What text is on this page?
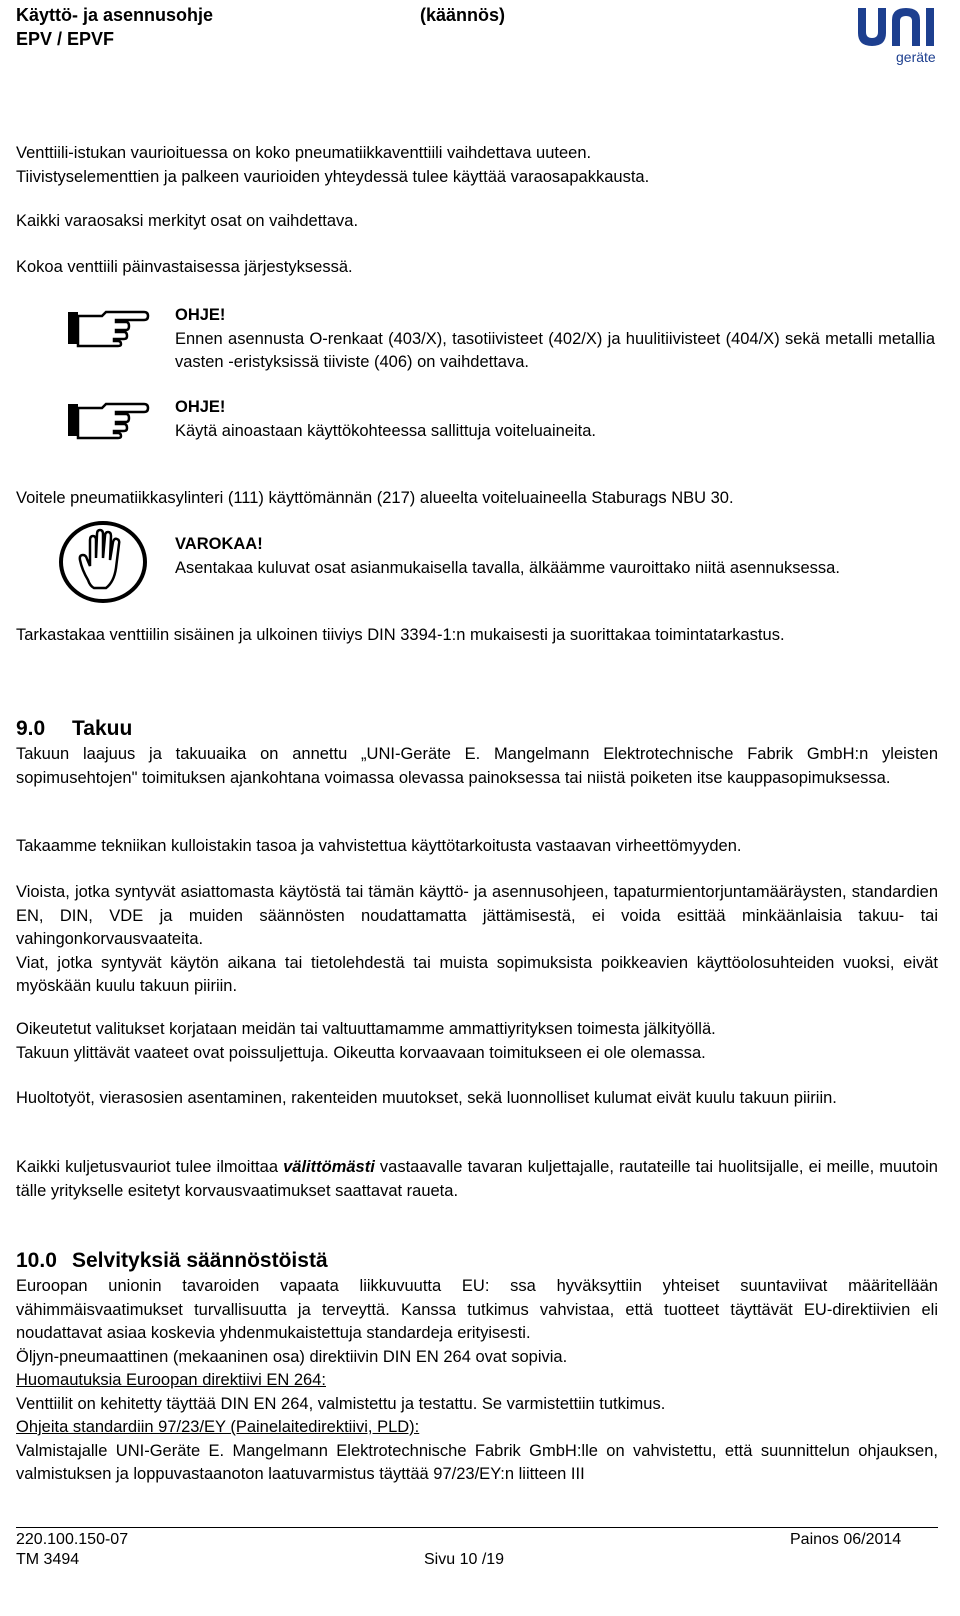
Käyttö- ja asennusohje
EPV / EPVF
(käännös)
geräte
Venttiili-istukan vaurioituessa on koko pneumatiikkaventtiili vaihdettava uuteen.
Tiivistyselementtien ja palkeen vaurioiden yhteydessä tulee käyttää varaosapakkausta.
Kaikki varaosaksi merkityt osat on vaihdettava.
Kokoa venttiili päinvastaisessa järjestyksessä.
OHJE!
Ennen asennusta O-renkaat (403/X), tasotiivisteet (402/X) ja huulitiivisteet (404/X) sekä metalli metallia vasten -eristyksissä tiiviste (406) on vaihdettava.
OHJE!
Käytä ainoastaan käyttökohteessa sallittuja voiteluaineita.
Voitele pneumatiikkasylinteri (111) käyttömännän (217) alueelta voiteluaineella Staburags NBU 30.
VAROKAA!
Asentakaa kuluvat osat asianmukaisella tavalla, älkäämme vauroittako niitä asennuksessa.
Tarkastakaa venttiilin sisäinen ja ulkoinen tiiviys DIN 3394-1:n mukaisesti ja suorittakaa toimintatarkastus.
9.0 Takuu
Takuun laajuus ja takuuaika on annettu „UNI-Geräte E. Mangelmann Elektrotechnische Fabrik GmbH:n yleisten sopimusehtojen" toimituksen ajankohtana voimassa olevassa painoksessa tai niistä poiketen itse kauppasopimuksessa.
Takaamme tekniikan kulloistakin tasoa ja vahvistettua käyttötarkoitusta vastaavan virheettömyyden.
Vioista, jotka syntyvät asiattomasta käytöstä tai tämän käyttö- ja asennusohjeen, tapaturmientorjuntamääräysten, standardien EN, DIN, VDE ja muiden säännösten noudattamatta jättämisestä, ei voida esittää minkäänlaisia takuu- tai vahingonkorvausvaateita.
Viat, jotka syntyvät käytön aikana tai tietolehdestä tai muista sopimuksista poikkeavien käyttöolosuhteiden vuoksi, eivät myöskään kuulu takuun piiriin.
Oikeutetut valitukset korjataan meidän tai valtuuttamamme ammattiyrityksen toimesta jälkityöllä.
Takuun ylittävät vaateet ovat poissuljettuja. Oikeutta korvaavaan toimitukseen ei ole olemassa.
Huoltotyöt, vierasosien asentaminen, rakenteiden muutokset, sekä luonnolliset kulumat eivät kuulu takuun piiriin.
Kaikki kuljetusvauriot tulee ilmoittaa välittömästi vastaavalle tavaran kuljettajalle, rautateille tai huolitsijalle, ei meille, muutoin tälle yritykselle esitetyt korvausvaatimukset saattavat raueta.
10.0 Selvityksiä säännöstöistä
Euroopan unionin tavaroiden vapaata liikkuvuutta EU: ssa hyväksyttiin yhteiset suuntaviivat määritellään vähimmäisvaatimukset turvallisuutta ja terveyttä. Kanssa tutkimus vahvistaa, että tuotteet täyttävät EU-direktiivien eli noudattavat asiaa koskevia yhdenmukaistettuja standardeja erityisesti.
Öljyn-pneumaattinen (mekaaninen osa) direktiivin DIN EN 264 ovat sopivia.
Huomautuksia Euroopan direktiivi EN 264:
Venttiilit on kehitetty täyttää DIN EN 264, valmistettu ja testattu. Se varmistettiin tutkimus.
Ohjeita standardiin 97/23/EY (Painelaitedirektiivi, PLD):
Valmistajalle UNI-Geräte E. Mangelmann Elektrotechnische Fabrik GmbH:lle on vahvistettu, että suunnittelun ohjauksen, valmistuksen ja loppuvastaanoton laatuvarmistus täyttää 97/23/EY:n liitteen III
220.100.150-07
TM 3494	Sivu 10 /19
Painos 06/2014
